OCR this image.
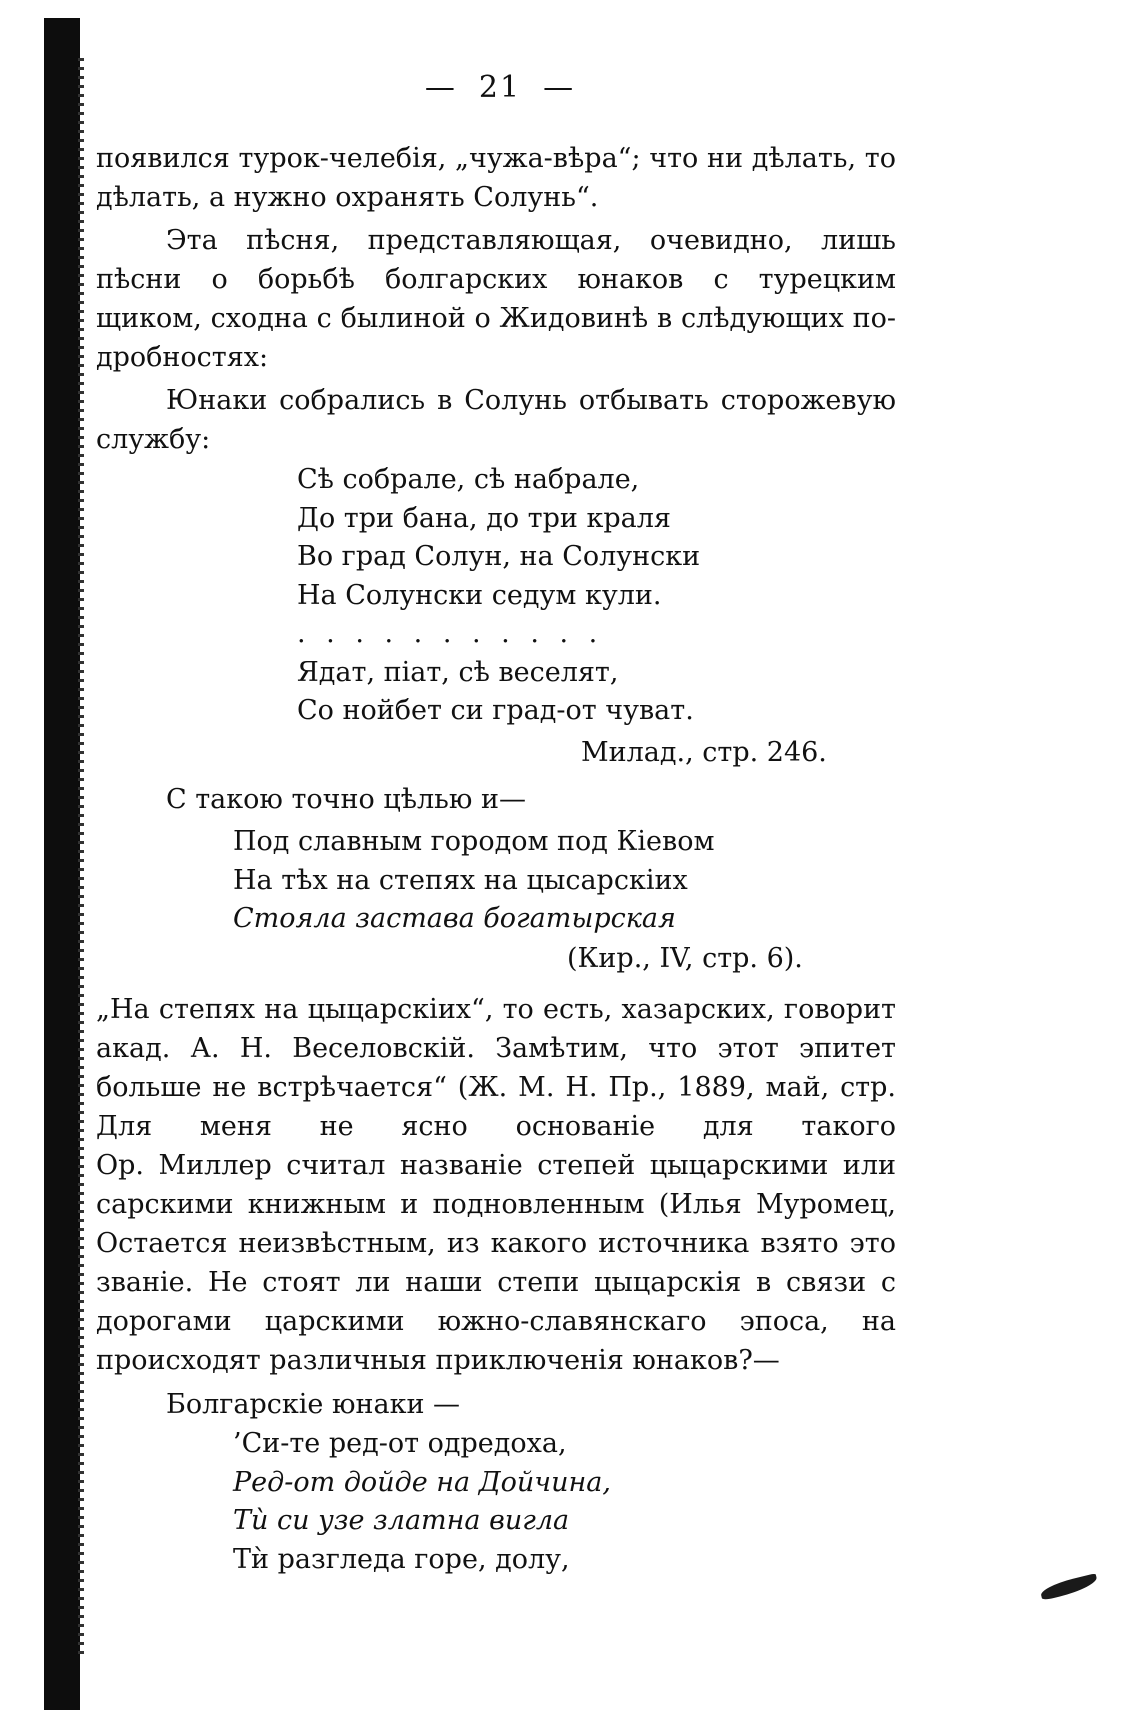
— 21 —
появился турок-челебія, „чужа-вѣра“; что ни дѣлать, то
дѣлать, а нужно охранять Солунь“.
Эта пѣсня, представляющая, очевидно, лишь
пѣсни о борьбѣ болгарских юнаков с турецким
щиком, сходна с былиной о Жидовинѣ в слѣдующих по-
дробностях:
Юнаки собрались в Солунь отбывать сторожевую
службу:
Сѣ собрале, сѣ набрале,
До три бана, до три краля
Во град Солун, на Солунски
На Солунски седум кули.
. . . . . . . . . . .
Ядат, піат, сѣ веселят,
Со нойбет си град-от чуват.
Милад., стр. 246.
С такою точно цѣлью и—
Под славным городом под Кіевом
На тѣх на степях на цысарскіих
Стояла застава богатырская
(Кир., IV, стр. 6).
„На степях на цыцарскіих“, то есть, хазарских, говорит
акад. А. Н. Веселовскій. Замѣтим, что этот эпитет
больше не встрѣчается“ (Ж. М. Н. Пр., 1889, май, стр.
Для меня не ясно основаніе для такого
Ор. Миллер считал названіе степей цыцарскими или
сарскими книжным и подновленным (Илья Муромец,
Остается неизвѣстным, из какого источника взято это
званіе. Не стоят ли наши степи цыцарскія в связи с
дорогами царскими южно-славянскаго эпоса, на
происходят различныя приключенія юнаков?—
Болгарскіе юнаки —
’Си-те ред-от одредоха,
Ред-от дойде на Дойчина,
Тѝ си узе златна вигла
Тѝ разгледа горе, долу,
